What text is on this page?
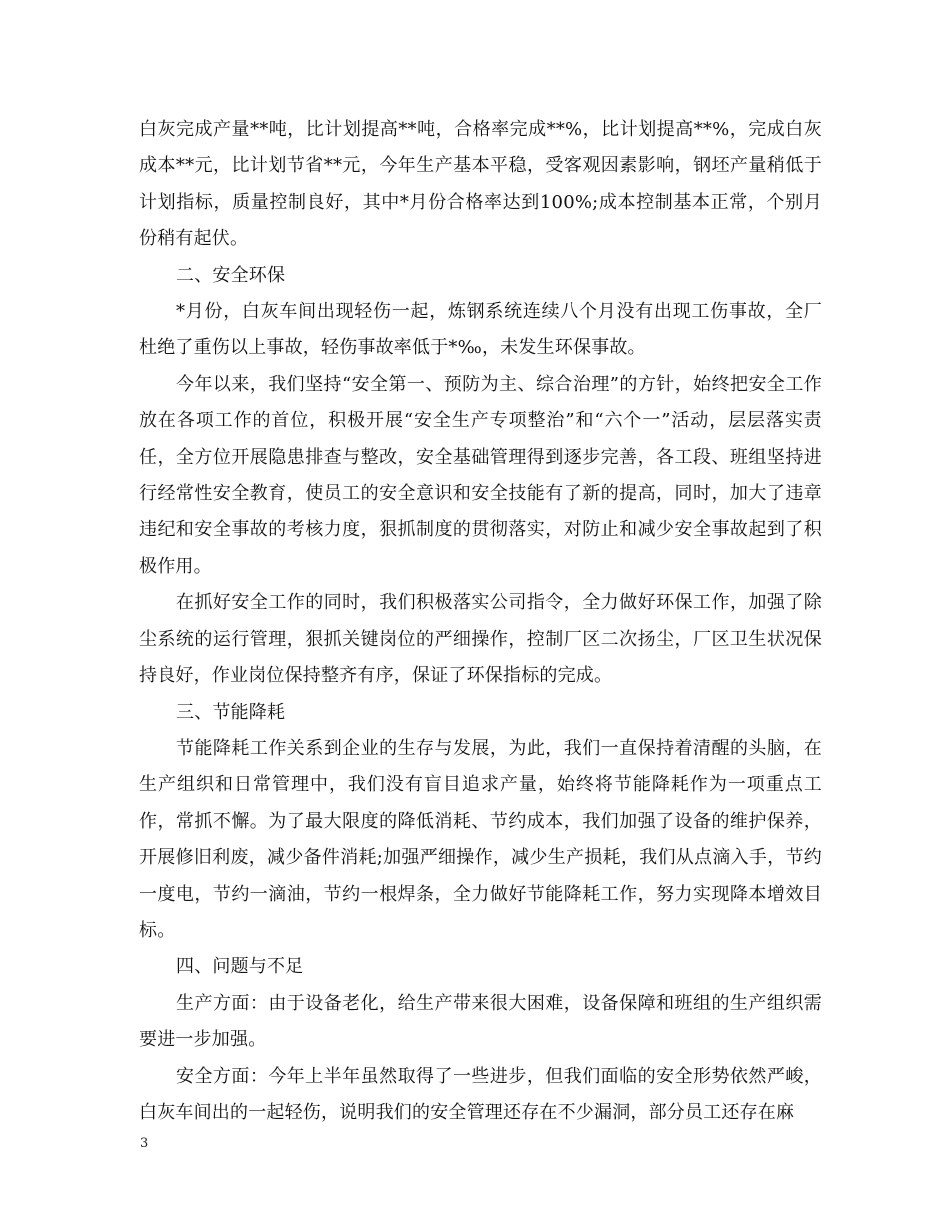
白灰完成产量**吨，比计划提高**吨，合格率完成**%，比计划提高**%，完成白灰成本**元，比计划节省**元，今年生产基本平稳，受客观因素影响，钢坯产量稍低于计划指标，质量控制良好，其中*月份合格率达到100%;成本控制基本正常，个别月份稍有起伏。

二、安全环保

*月份，白灰车间出现轻伤一起，炼钢系统连续八个月没有出现工伤事故，全厂杜绝了重伤以上事故，轻伤事故率低于*‰，未发生环保事故。

今年以来，我们坚持“安全第一、预防为主、综合治理”的方针，始终把安全工作放在各项工作的首位，积极开展“安全生产专项整治”和“六个一”活动，层层落实责任，全方位开展隐患排查与整改，安全基础管理得到逐步完善，各工段、班组坚持进行经常性安全教育，使员工的安全意识和安全技能有了新的提高，同时，加大了违章违纪和安全事故的考核力度，狠抓制度的贯彻落实，对防止和减少安全事故起到了积极作用。

在抓好安全工作的同时，我们积极落实公司指令，全力做好环保工作，加强了除尘系统的运行管理，狠抓关键岗位的严细操作，控制厂区二次扬尘，厂区卫生状况保持良好，作业岗位保持整齐有序，保证了环保指标的完成。

三、节能降耗

节能降耗工作关系到企业的生存与发展，为此，我们一直保持着清醒的头脑，在生产组织和日常管理中，我们没有盲目追求产量，始终将节能降耗作为一项重点工作，常抓不懈。为了最大限度的降低消耗、节约成本，我们加强了设备的维护保养，开展修旧利废，减少备件消耗;加强严细操作，减少生产损耗，我们从点滴入手，节约一度电，节约一滴油，节约一根焊条，全力做好节能降耗工作，努力实现降本增效目标。

四、问题与不足

生产方面：由于设备老化，给生产带来很大困难，设备保障和班组的生产组织需要进一步加强。

安全方面：今年上半年虽然取得了一些进步，但我们面临的安全形势依然严峻，白灰车间出的一起轻伤，说明我们的安全管理还存在不少漏洞，部分员工还存在麻

3
